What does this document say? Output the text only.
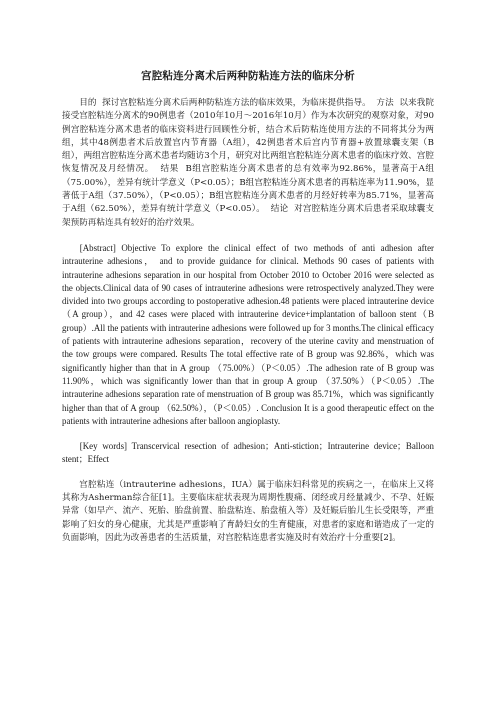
宫腔粘连分离术后两种防粘连方法的临床分析

目的 探讨宫腔粘连分离术后两种防粘连方法的临床效果，为临床提供指导。 方法 以来我院接受宫腔粘连分离术的90例患者（2010年10月～2016年10月）作为本次研究的观察对象，对90例宫腔粘连分离术患者的临床资料进行回顾性分析，结合术后防粘连使用方法的不同将其分为两组，其中48例患者术后放置宫内节育器（A组），42例患者术后宫内节育器+放置球囊支架（B组），两组宫腔粘连分离术患者均随访3个月，研究对比两组宫腔粘连分离术患者的临床疗效、宫腔恢复情况及月经情况。 结果 B组宫腔粘连分离术患者的总有效率为92.86%，显著高于A组（75.00%），差异有统计学意义（P<0.05）；B组宫腔粘连分离术患者的再粘连率为11.90%，显著低于A组（37.50%），（P<0.05）；B组宫腔粘连分离术患者的月经好转率为85.71%，显著高于A组（62.50%），差异有统计学意义（P<0.05）。 结论 对宫腔粘连分离术后患者采取球囊支架预防再粘连具有较好的治疗效果。

[Abstract] Objective To explore the clinical effect of two methods of anti adhesion after intrauterine adhesions， and to provide guidance for clinical. Methods 90 cases of patients with intrauterine adhesions separation in our hospital from October 2010 to October 2016 were selected as the objects.Clinical data of 90 cases of intrauterine adhesions were retrospectively analyzed.They were divided into two groups according to postoperative adhesion.48 patients were placed intrauterine device（A group），and 42 cases were placed with intrauterine device+implantation of balloon stent（B group）.All the patients with intrauterine adhesions were followed up for 3 months.The clinical efficacy of patients with intrauterine adhesions separation，recovery of the uterine cavity and menstruation of the tow groups were compared. Results The total effective rate of B group was 92.86%，which was significantly higher than that in A group （75.00%）（P＜0.05）.The adhesion rate of B group was 11.90%，which was significantly lower than that in group A group （37.50%）（P＜0.05）.The intrauterine adhesions separation rate of menstruation of B group was 85.71%，which was significantly higher than that of A group （62.50%），（P＜0.05）. Conclusion It is a good therapeutic effect on the patients with intrauterine adhesions after balloon angioplasty.

[Key words] Transcervical resection of adhesion；Anti-stiction；Intrauterine device；Balloon stent；Effect

宫腔粘连（intrauterine adhesions，IUA）属于临床妇科常见的疾病之一，在临床上又将其称为Asherman综合征[1]。主要临床症状表现为周期性腹痛、闭经或月经量减少、不孕、妊娠异常（如早产、流产、死胎、胎盘前置、胎盘粘连、胎盘植入等）及妊娠后胎儿生长受限等，严重影响了妇女的身心健康，尤其是严重影响了育龄妇女的生育健康，对患者的家庭和谐造成了一定的负面影响，因此为改善患者的生活质量，对宫腔粘连患者实施及时有效治疗十分重要[2]。
